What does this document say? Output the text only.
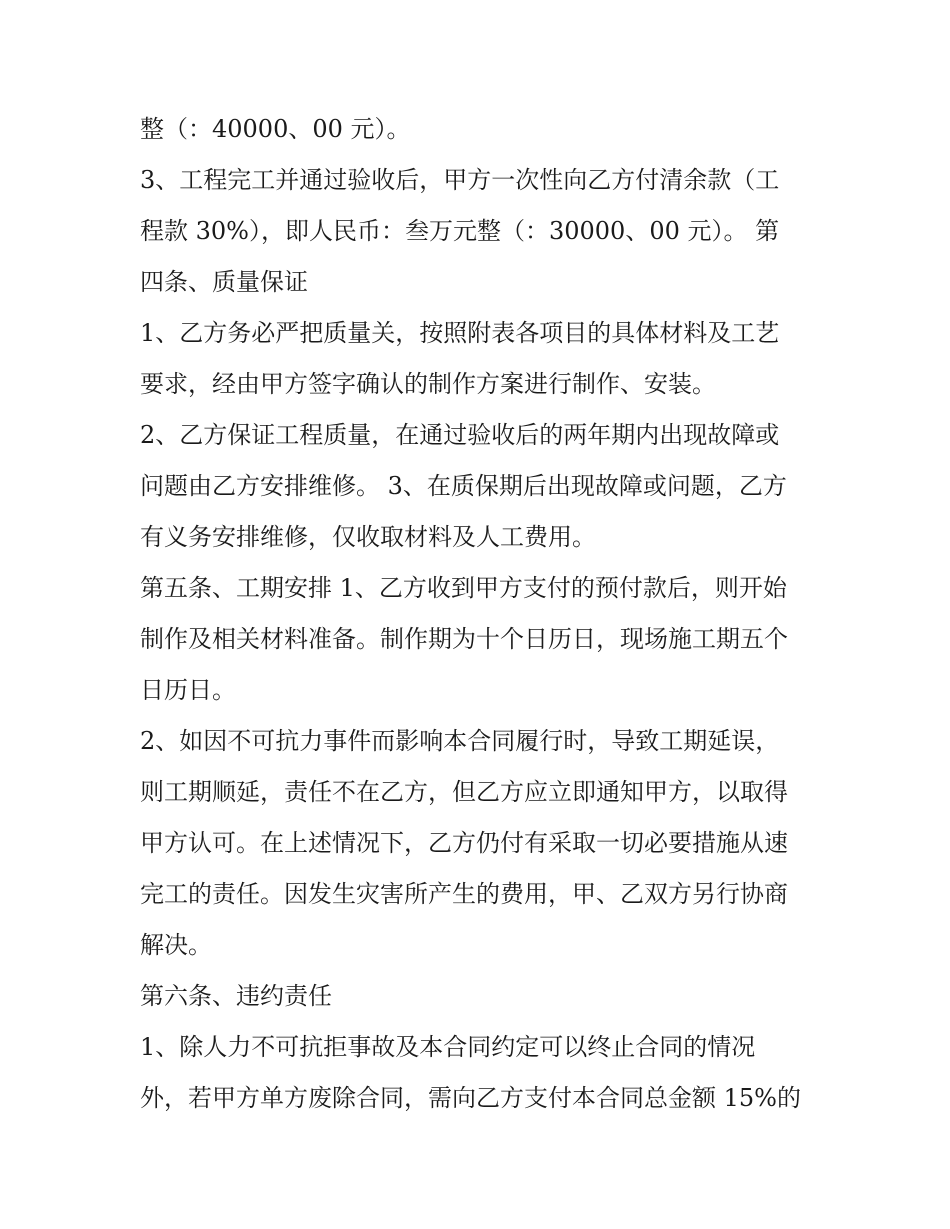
整（：40000、00 元）。
3、工程完工并通过验收后，甲方一次性向乙方付清余款（工
程款 30%），即人民币：叁万元整（：30000、00 元）。 第
四条、质量保证
1、乙方务必严把质量关，按照附表各项目的具体材料及工艺
要求，经由甲方签字确认的制作方案进行制作、安装。
2、乙方保证工程质量，在通过验收后的两年期内出现故障或
问题由乙方安排维修。 3、在质保期后出现故障或问题，乙方
有义务安排维修，仅收取材料及人工费用。
第五条、工期安排 1、乙方收到甲方支付的预付款后，则开始
制作及相关材料准备。制作期为十个日历日，现场施工期五个
日历日。
2、如因不可抗力事件而影响本合同履行时，导致工期延误，
则工期顺延，责任不在乙方，但乙方应立即通知甲方，以取得
甲方认可。在上述情况下，乙方仍付有采取一切必要措施从速
完工的责任。因发生灾害所产生的费用，甲、乙双方另行协商
解决。
第六条、违约责任
1、除人力不可抗拒事故及本合同约定可以终止合同的情况
外，若甲方单方废除合同，需向乙方支付本合同总金额 15%的
